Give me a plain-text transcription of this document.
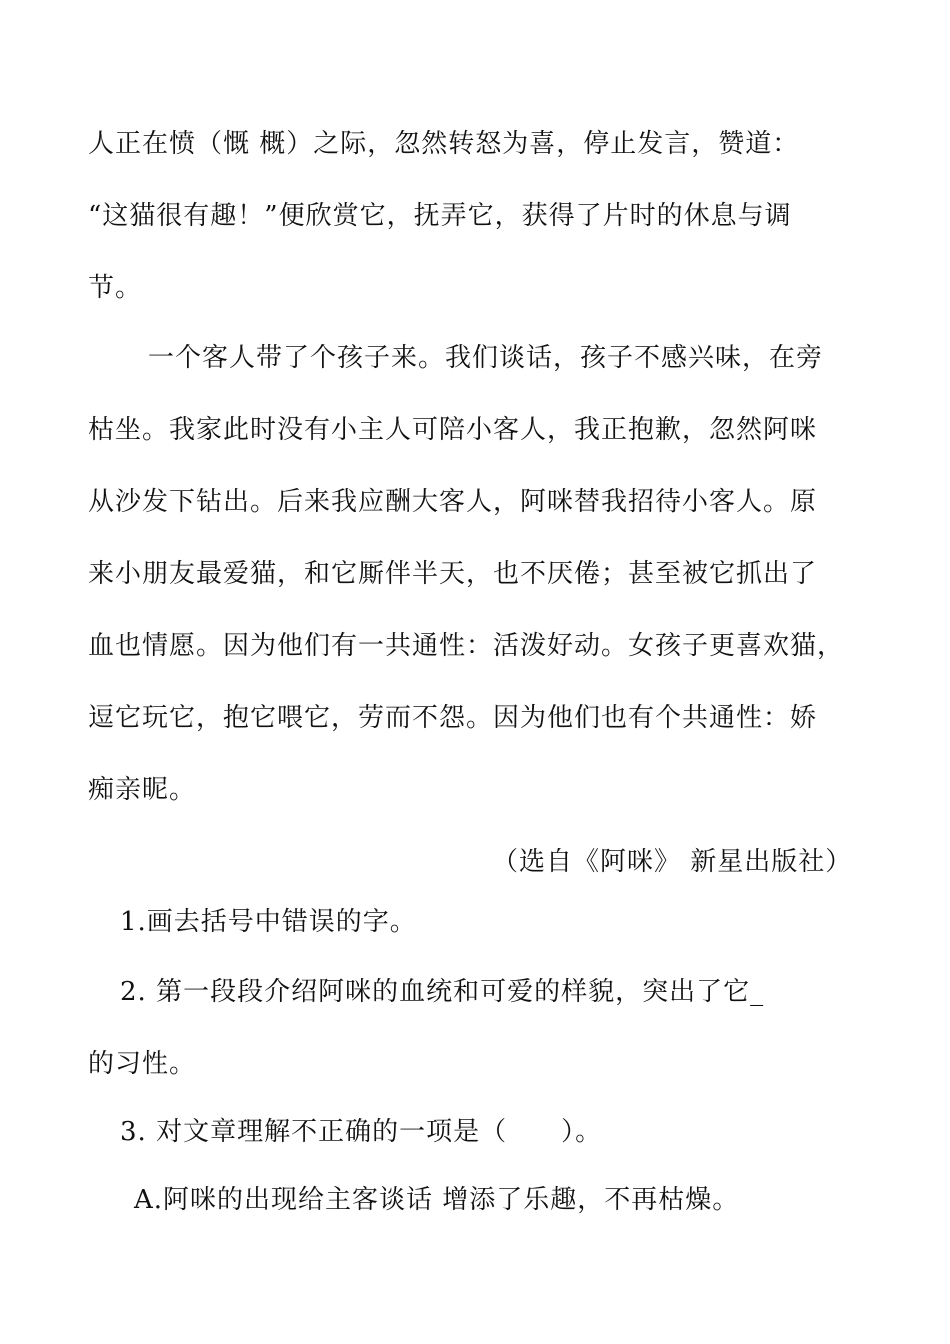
人正在愤（慨 概）之际，忽然转怒为喜，停止发言，赞道：
“这猫很有趣！”便欣赏它，抚弄它，获得了片时的休息与调
节。
一个客人带了个孩子来。我们谈话，孩子不感兴味，在旁
枯坐。我家此时没有小主人可陪小客人，我正抱歉，忽然阿咪
从沙发下钻出。后来我应酬大客人，阿咪替我招待小客人。原
来小朋友最爱猫，和它厮伴半天，也不厌倦；甚至被它抓出了
血也情愿。因为他们有一共通性：活泼好动。女孩子更喜欢猫，
逗它玩它，抱它喂它，劳而不怨。因为他们也有个共通性：娇
痴亲昵。
（选自《阿咪》 新星出版社）
1.画去括号中错误的字。
2. 第一段段介绍阿咪的血统和可爱的样貌，突出了它_
的习性。
3. 对文章理解不正确的一项是（　　）。
A.阿咪的出现给主客谈话 增添了乐趣，不再枯燥。
